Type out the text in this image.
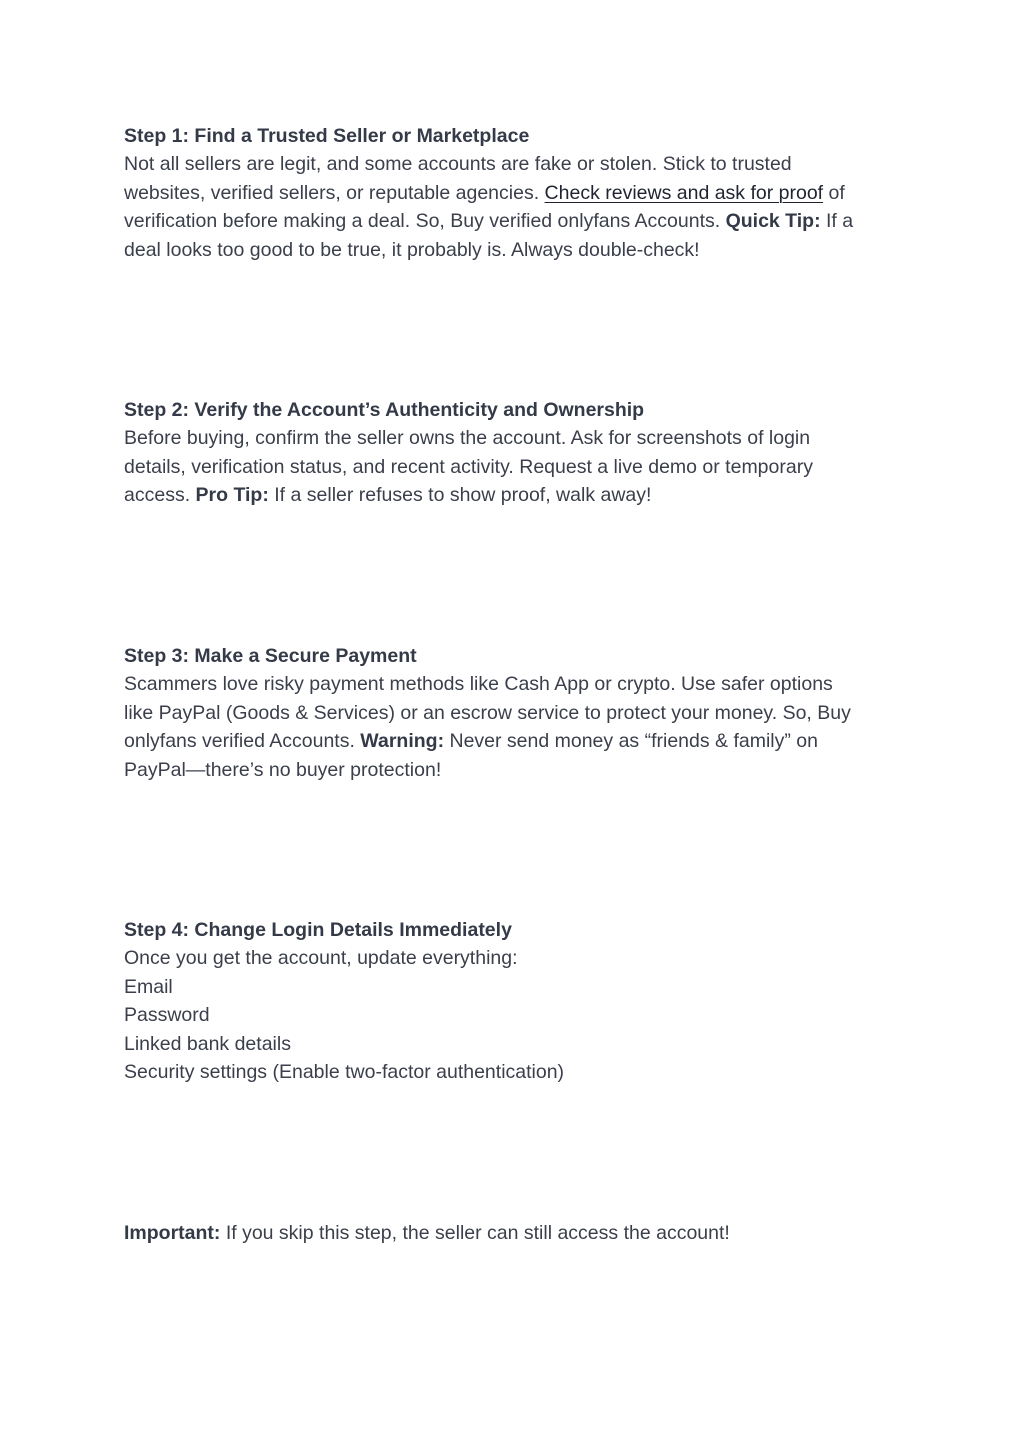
Step 1: Find a Trusted Seller or Marketplace
Not all sellers are legit, and some accounts are fake or stolen. Stick to trusted
websites, verified sellers, or reputable agencies. Check reviews and ask for proof of
verification before making a deal. So, Buy verified onlyfans Accounts. Quick Tip: If a
deal looks too good to be true, it probably is. Always double-check!
Step 2: Verify the Account’s Authenticity and Ownership
Before buying, confirm the seller owns the account. Ask for screenshots of login
details, verification status, and recent activity. Request a live demo or temporary
access. Pro Tip: If a seller refuses to show proof, walk away!
Step 3: Make a Secure Payment
Scammers love risky payment methods like Cash App or crypto. Use safer options
like PayPal (Goods & Services) or an escrow service to protect your money. So, Buy
onlyfans verified Accounts. Warning: Never send money as “friends & family” on
PayPal—there’s no buyer protection!
Step 4: Change Login Details Immediately
Once you get the account, update everything:
Email
Password
Linked bank details
Security settings (Enable two-factor authentication)
Important: If you skip this step, the seller can still access the account!
